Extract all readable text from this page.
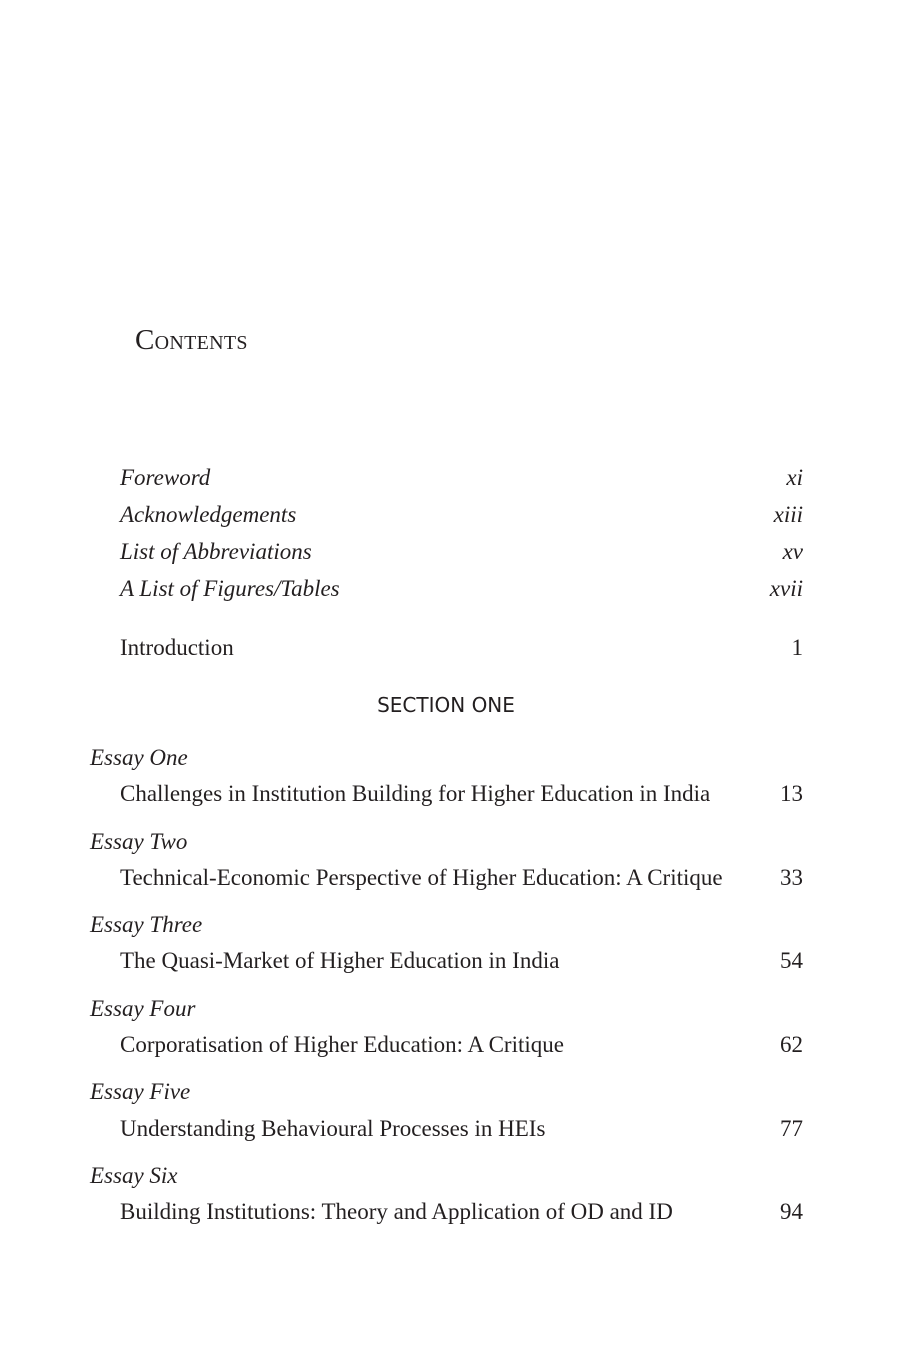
Contents
Foreword	xi
Acknowledgements	xiii
List of Abbreviations	xv
A List of Figures/Tables	xvii
Introduction	1
SECTION ONE
Essay One
Challenges in Institution Building for Higher Education in India	13
Essay Two
Technical-Economic Perspective of Higher Education: A Critique 33
Essay Three
The Quasi-Market of Higher Education in India	54
Essay Four
Corporatisation of Higher Education: A Critique	62
Essay Five
Understanding Behavioural Processes in HEIs	77
Essay Six
Building Institutions: Theory and Application of OD and ID	94
